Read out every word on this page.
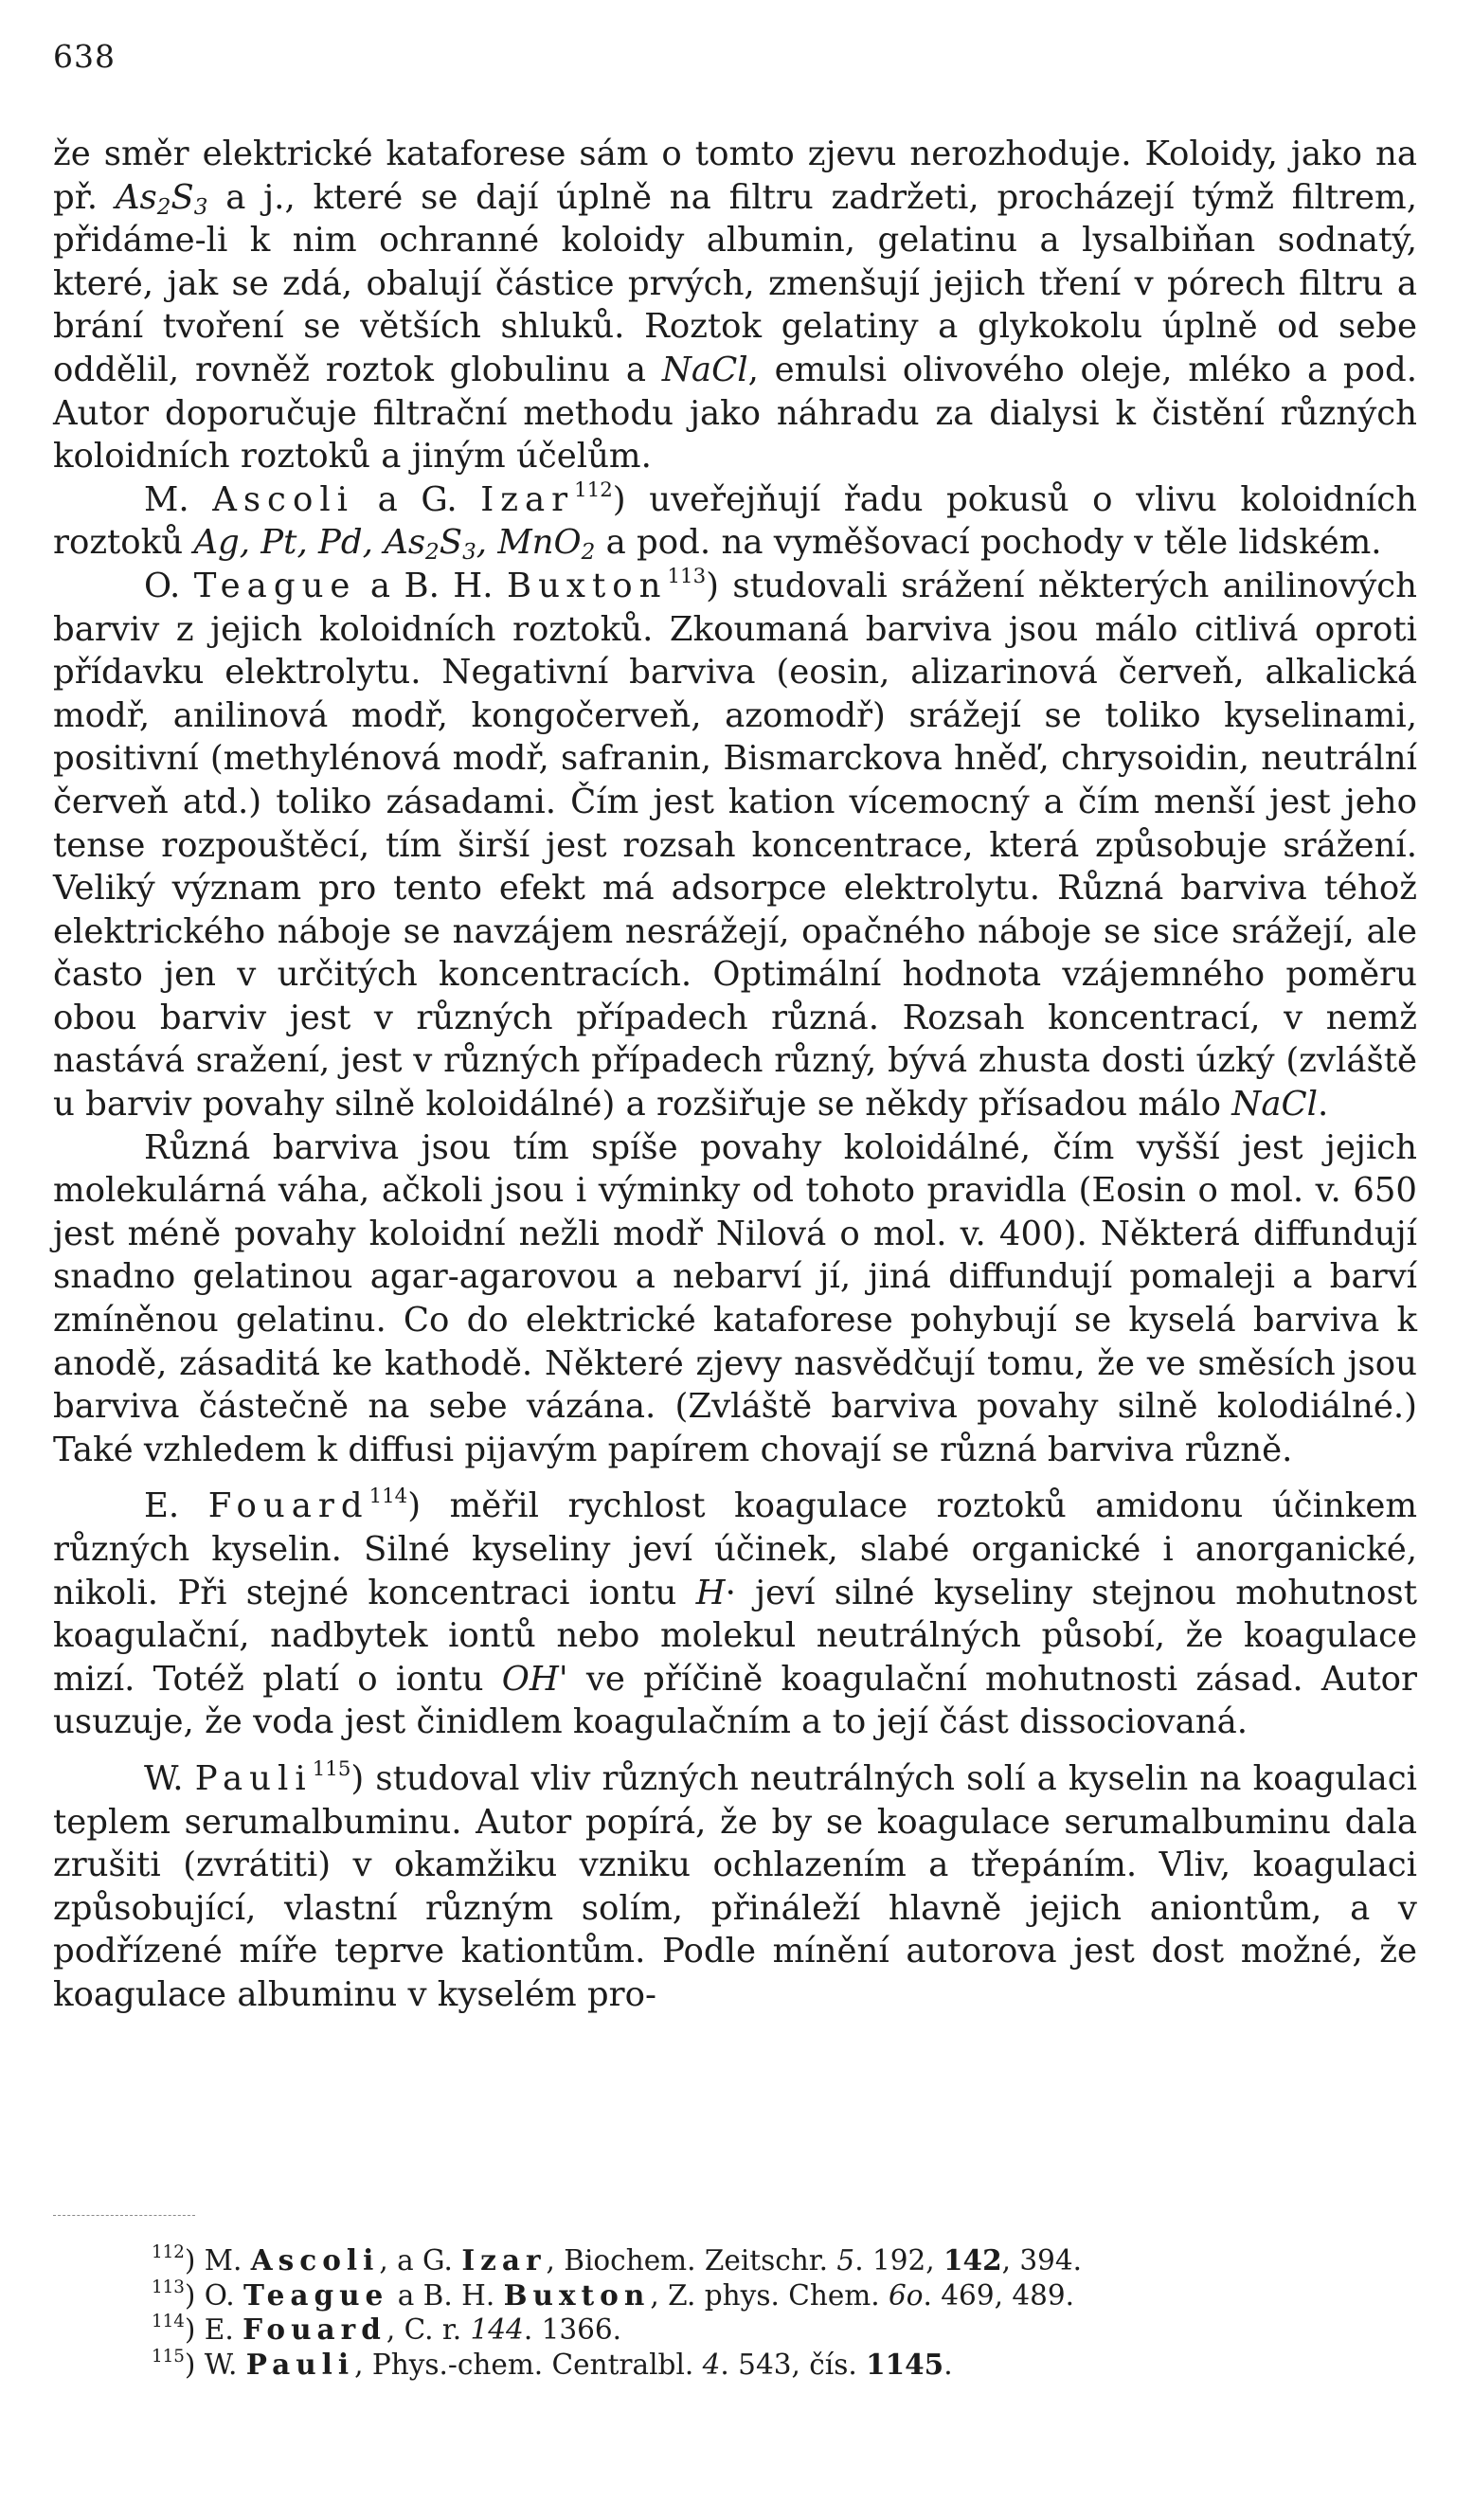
638

že směr elektrické kataforese sám o tomto zjevu nerozhoduje. Koloidy, jako na př. $As_2S_3$ a j., které se dají úplně na filtru zadržeti, procházejí týmž filtrem, přidáme-li k nim ochranné koloidy albumin, gelatinu a lysalbiňan sodnatý, které, jak se zdá, obalují částice prvých, zmenšují jejich tření v pórech filtru a brání tvoření se větších shluků. Roztok gelatiny a glykokolu úplně od sebe oddělil, rovněž roztok globulinu a NaCl, emulsi olivového oleje, mléko a pod. Autor doporučuje filtrační methodu jako náhradu za dialysi k čistění různých koloidních roztoků a jiným účelům.

M. Ascoli a G. Izar$^{112}$) uveřejňují řadu pokusů o vlivu koloidních roztoků Ag, Pt, Pd, $As_2S_3$, MnO$_2$ a pod. na vyměšovací pochody v těle lidském.

O. Teague a B. H. Buxton$^{113}$) studovali srážení některých anilinových barviv z jejich koloidních roztoků. Zkoumaná barviva jsou málo citlivá oproti přídavku elektrolytu. Negativní barviva (eosin, alizarinová červeň, alkalická modř, anilinová modř, kongočerveň, azomodř) srážejí se toliko kyselinami, positivní (methylénová modř, safranin, Bismarckova hněď, chrysoidin, neutrální červeň atd.) toliko zásadami. Čím jest kation vícemocný a čím menší jest jeho tense rozpouštěcí, tím širší jest rozsah koncentrace, která způsobuje srážení. Veliký význam pro tento efekt má adsorpce elektrolytu. Různá barviva téhož elektrického náboje se navzájem nesrážejí, opačného náboje se sice srážejí, ale často jen v určitých koncentracích. Optimální hodnota vzájemného poměru obou barviv jest v různých případech různá. Rozsah koncentrací, v nemž nastává sražení, jest v různých případech různý, bývá zhusta dosti úzký (zvláště u barviv povahy silně koloidálné) a rozšiřuje se někdy přísadou málo NaCl.

Různá barviva jsou tím spíše povahy koloidálné, čím vyšší jest jejich molekulárná váha, ačkoli jsou i výminky od tohoto pravidla (Eosin o mol. v. 650 jest méně povahy koloidní nežli modř Nilová o mol. v. 400). Některá diffundují snadno gelatinou agar-agarovou a nebarví jí, jiná diffundují pomaleji a barví zmíněnou gelatinu. Co do elektrické kataforese pohybují se kyselá barviva k anodě, zásaditá ke kathodě. Některé zjevy nasvědčují tomu, že ve směsích jsou barviva částečně na sebe vázána. (Zvláště barviva povahy silně kolodiálné.) Také vzhledem k diffusi pijavým papírem chovají se různá barviva různě.

E. Fouard$^{114}$) měřil rychlost koagulace roztoků amidonu účinkem různých kyselin. Silné kyseliny jeví účinek, slabé organické i anorganické, nikoli. Při stejné koncentraci iontu H· jeví silné kyseliny stejnou mohutnost koagulační, nadbytek iontů nebo molekul neutrálných působí, že koagulace mizí. Totéž platí o iontu OH' ve příčině koagulační mohutnosti zásad. Autor usuzuje, že voda jest činidlem koagulačním a to její část dissociovaná.

W. Pauli$^{115}$) studoval vliv různých neutrálných solí a kyselin na koagulaci teplem serumalbuminu. Autor popírá, že by se koagulace serumalbuminu dala zrušiti (zvrátiti) v okamžiku vzniku ochlazením a třepáním. Vliv, koagulaci způsobující, vlastní různým solím, přináleží hlavně jejich aniontům, a v podřízené míře teprve kationtům. Podle mínění autorova jest dost možné, že koagulace albuminu v kyselém pro-

$^{112}$) M. Ascoli, a G. Izar, Biochem. Zeitschr. 5. 192, 142, 394.

$^{113}$) O. Teague a B. H. Buxton, Z. phys. Chem. 6o. 469, 489.

$^{114}$) E. Fouard, C. r. 144. 1366.

$^{115}$) W. Pauli, Phys.-chem. Centralbl. 4. 543, čís. 1145.
